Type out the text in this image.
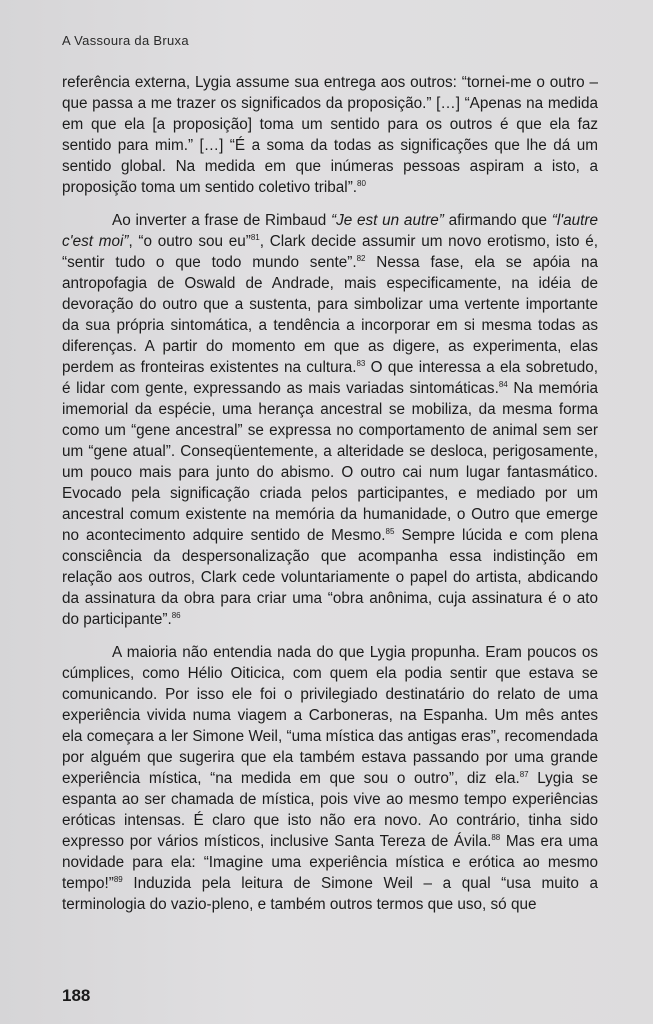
A Vassoura da Bruxa

referência externa, Lygia assume sua entrega aos outros: “tornei-me o outro – que passa a me trazer os significados da proposição.” […] “Apenas na medida em que ela [a proposição] toma um sentido para os outros é que ela faz sentido para mim.” […] “É a soma da todas as significações que lhe dá um sentido global. Na medida em que inúmeras pessoas aspiram a isto, a proposição toma um sentido coletivo tribal”.$^{80}$

Ao inverter a frase de Rimbaud “Je est un autre” afirmando que “l'autre c'est moi”, “o outro sou eu”$^{81}$, Clark decide assumir um novo erotismo, isto é, “sentir tudo o que todo mundo sente”.$^{82}$ Nessa fase, ela se apóia na antropofagia de Oswald de Andrade, mais especificamente, na idéia de devoração do outro que a sustenta, para simbolizar uma vertente importante da sua própria sintomática, a tendência a incorporar em si mesma todas as diferenças. A partir do momento em que as digere, as experimenta, elas perdem as fronteiras existentes na cultura.$^{83}$ O que interessa a ela sobretudo, é lidar com gente, expressando as mais variadas sintomáticas.$^{84}$ Na memória imemorial da espécie, uma herança ancestral se mobiliza, da mesma forma como um “gene ancestral” se expressa no comportamento de animal sem ser um “gene atual”. Conseqüentemente, a alteridade se desloca, perigosamente, um pouco mais para junto do abismo. O outro cai num lugar fantasmático. Evocado pela significação criada pelos participantes, e mediado por um ancestral comum existente na memória da humanidade, o Outro que emerge no acontecimento adquire sentido de Mesmo.$^{85}$ Sempre lúcida e com plena consciência da despersonalização que acompanha essa indistinção em relação aos outros, Clark cede voluntariamente o papel do artista, abdicando da assinatura da obra para criar uma “obra anônima, cuja assinatura é o ato do participante”.$^{86}$

A maioria não entendia nada do que Lygia propunha. Eram poucos os cúmplices, como Hélio Oiticica, com quem ela podia sentir que estava se comunicando. Por isso ele foi o privilegiado destinatário do relato de uma experiência vivida numa viagem a Carboneras, na Espanha. Um mês antes ela começara a ler Simone Weil, “uma mística das antigas eras”, recomendada por alguém que sugerira que ela também estava passando por uma grande experiência mística, “na medida em que sou o outro”, diz ela.$^{87}$ Lygia se espanta ao ser chamada de mística, pois vive ao mesmo tempo experiências eróticas intensas. É claro que isto não era novo. Ao contrário, tinha sido expresso por vários místicos, inclusive Santa Tereza de Ávila.$^{88}$ Mas era uma novidade para ela: “Imagine uma experiência mística e erótica ao mesmo tempo!”$^{89}$ Induzida pela leitura de Simone Weil – a qual “usa muito a terminologia do vazio-pleno, e também outros termos que uso, só que

188
